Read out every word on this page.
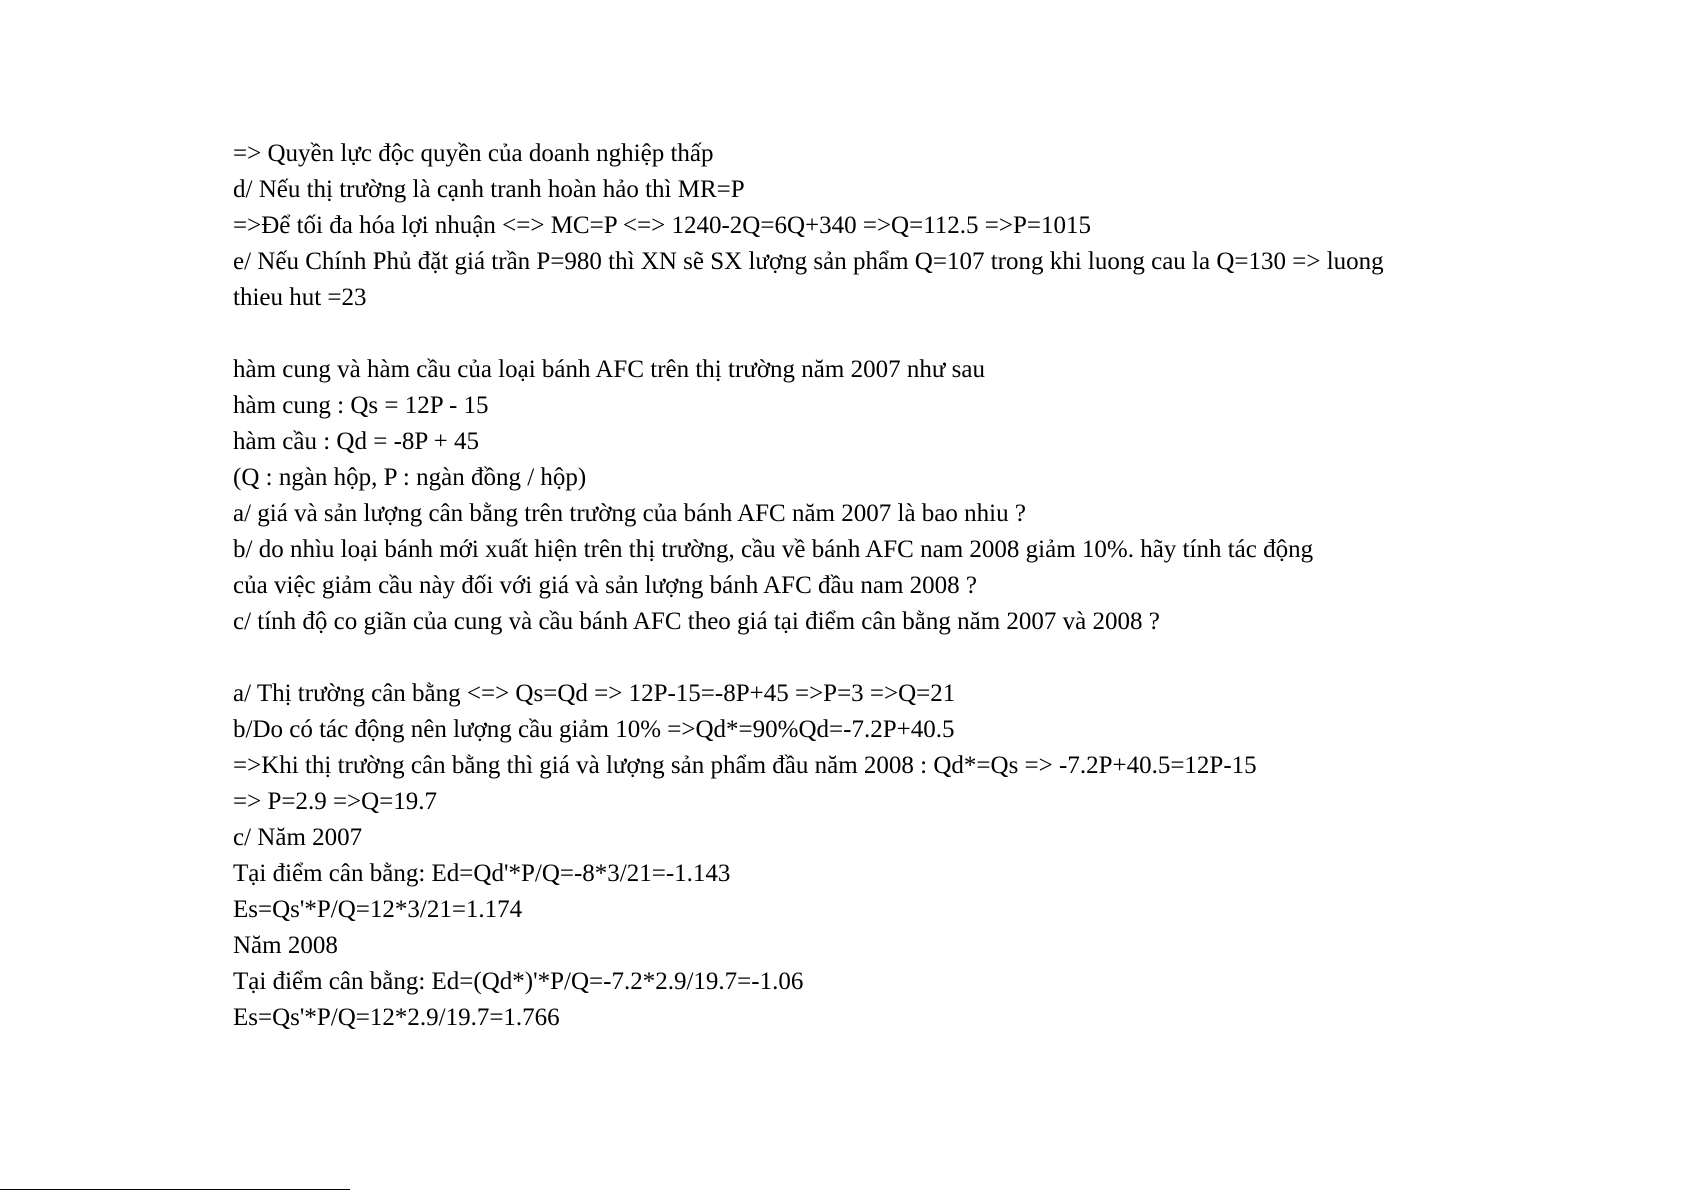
=> Quyền lực độc quyền của doanh nghiệp thấp
d/ Nếu thị trường là cạnh tranh hoàn hảo thì MR=P
=>Để tối đa hóa lợi nhuận <=> MC=P <=> 1240-2Q=6Q+340 =>Q=112.5 =>P=1015
e/ Nếu Chính Phủ đặt giá trần P=980 thì XN sẽ SX lượng sản phẩm Q=107 trong khi luong cau la Q=130 => luong
thieu hut =23
hàm cung và hàm cầu của loại bánh AFC trên thị trường năm 2007 như sau
hàm cung : Qs = 12P - 15
hàm cầu : Qd = -8P + 45
(Q : ngàn hộp, P : ngàn đồng / hộp)
a/ giá và sản lượng cân bằng trên trường của bánh AFC năm 2007 là bao nhiu ?
b/ do nhìu loại bánh mới xuất hiện trên thị trường, cầu về bánh AFC nam 2008 giảm 10%. hãy tính tác động
của việc giảm cầu này đối với giá và sản lượng bánh AFC đầu nam 2008 ?
c/ tính độ co giãn của cung và cầu bánh AFC theo giá tại điểm cân bằng năm 2007 và 2008 ?
a/ Thị trường cân bằng <=> Qs=Qd => 12P-15=-8P+45 =>P=3 =>Q=21
b/Do có tác động nên lượng cầu giảm 10% =>Qd*=90%Qd=-7.2P+40.5
=>Khi thị trường cân bằng thì giá và lượng sản phẩm đầu năm 2008 : Qd*=Qs => -7.2P+40.5=12P-15
=> P=2.9 =>Q=19.7
c/ Năm 2007
Tại điểm cân bằng: Ed=Qd'*P/Q=-8*3/21=-1.143
Es=Qs'*P/Q=12*3/21=1.174
Năm 2008
Tại điểm cân bằng: Ed=(Qd*)'*P/Q=-7.2*2.9/19.7=-1.06
Es=Qs'*P/Q=12*2.9/19.7=1.766
